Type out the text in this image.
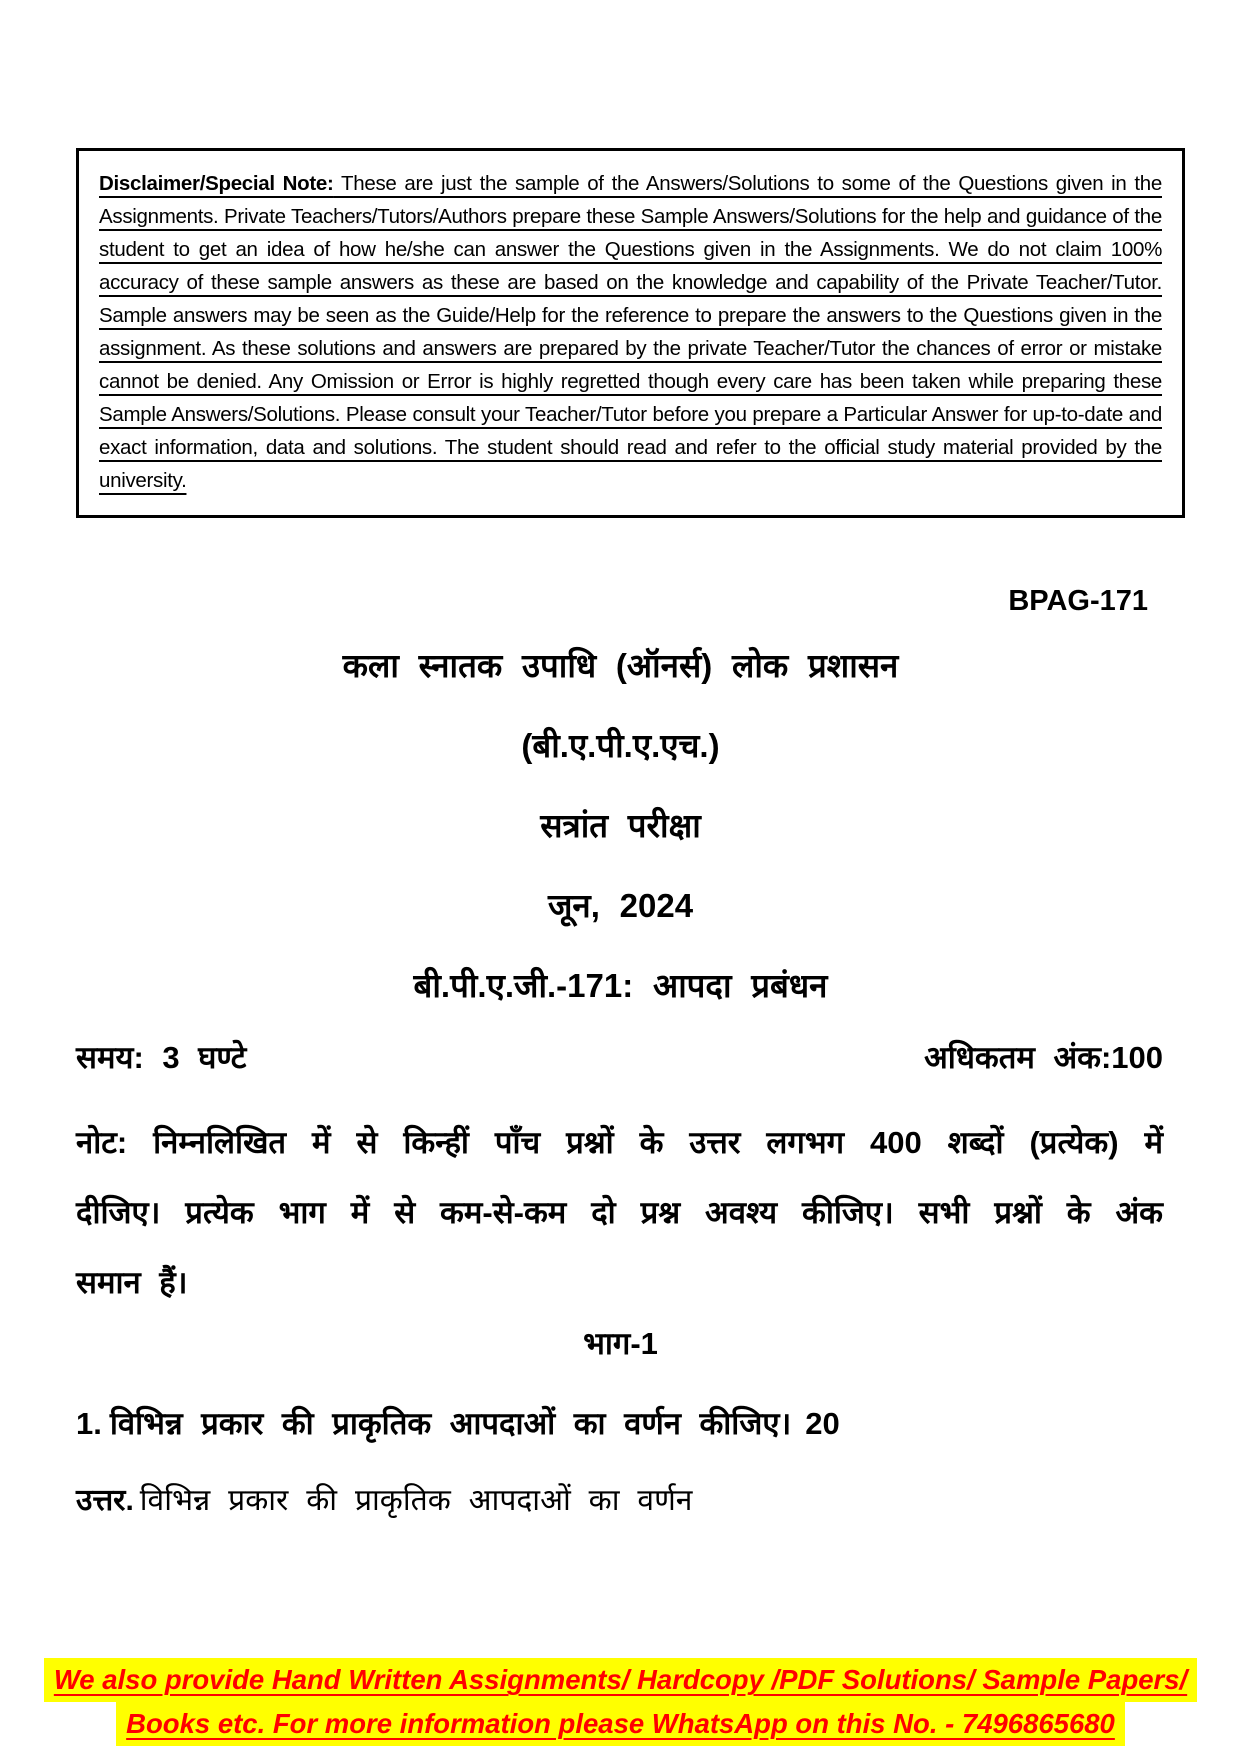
Disclaimer/Special Note: These are just the sample of the Answers/Solutions to some of the Questions given in the Assignments. Private Teachers/Tutors/Authors prepare these Sample Answers/Solutions for the help and guidance of the student to get an idea of how he/she can answer the Questions given in the Assignments. We do not claim 100% accuracy of these sample answers as these are based on the knowledge and capability of the Private Teacher/Tutor. Sample answers may be seen as the Guide/Help for the reference to prepare the answers to the Questions given in the assignment. As these solutions and answers are prepared by the private Teacher/Tutor the chances of error or mistake cannot be denied. Any Omission or Error is highly regretted though every care has been taken while preparing these Sample Answers/Solutions. Please consult your Teacher/Tutor before you prepare a Particular Answer for up-to-date and exact information, data and solutions. The student should read and refer to the official study material provided by the university.

BPAG-171
कला स्नातक उपाधि (ऑनर्स) लोक प्रशासन
(बी.ए.पी.ए.एच.)
सत्रांत परीक्षा
जून, 2024
बी.पी.ए.जी.-171: आपदा प्रबंधन
समय: 3 घण्टे	अधिकतम अंक:100

नोट: निम्नलिखित में से किन्हीं पाँच प्रश्नों के उत्तर लगभग 400 शब्दों (प्रत्येक) में दीजिए। प्रत्येक भाग में से कम-से-कम दो प्रश्न अवश्य कीजिए। सभी प्रश्नों के अंक समान हैं।

भाग-1
1. विभिन्न प्रकार की प्राकृतिक आपदाओं का वर्णन कीजिए। 20
उत्तर. विभिन्न प्रकार की प्राकृतिक आपदाओं का वर्णन
We also provide Hand Written Assignments/ Hardcopy /PDF Solutions/ Sample Papers/
Books etc. For more information please WhatsApp on this No. - 7496865680
